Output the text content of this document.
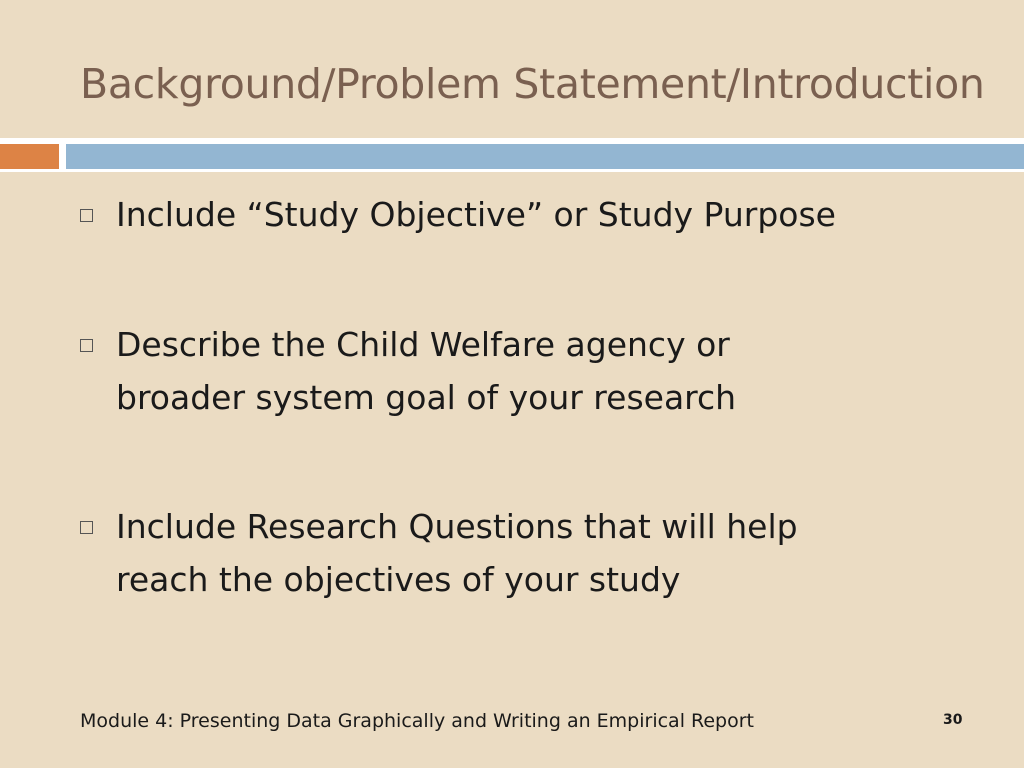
Background/Problem Statement/Introduction
Include “Study Objective” or Study Purpose
Describe the Child Welfare agency or
broader system goal of your research
Include Research Questions that will help
reach the objectives of your study
Module 4: Presenting Data Graphically and Writing an Empirical Report	30
